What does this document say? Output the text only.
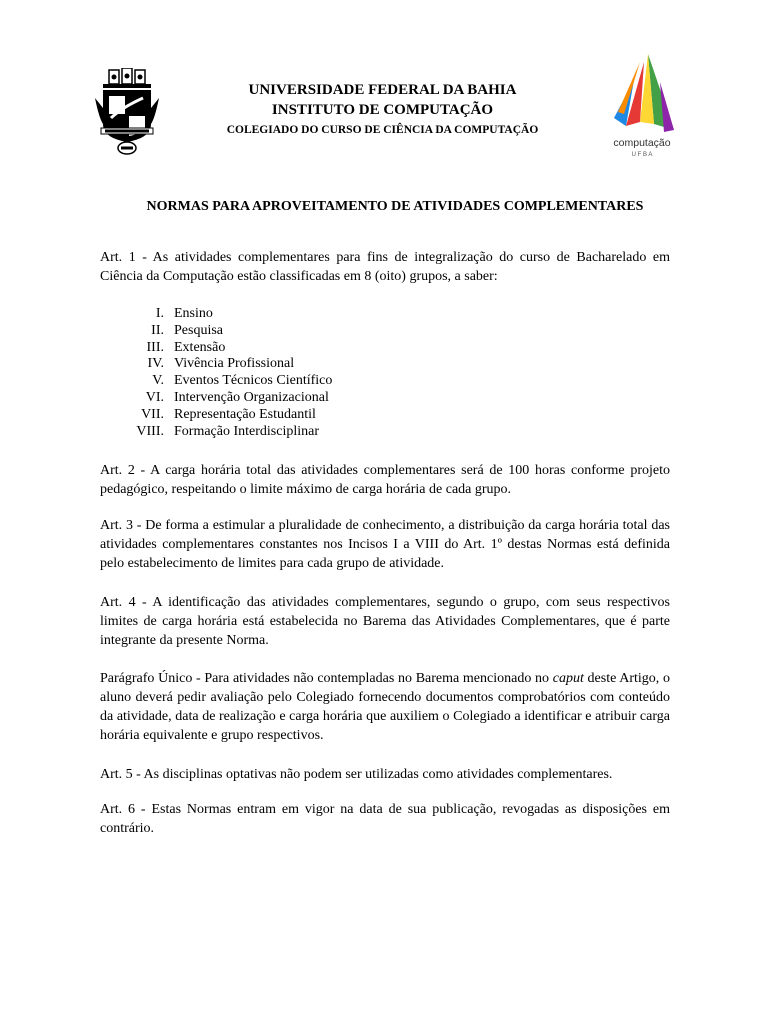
UNIVERSIDADE FEDERAL DA BAHIA
INSTITUTO DE COMPUTAÇÃO
COLEGIADO DO CURSO DE CIÊNCIA DA COMPUTAÇÃO
computação
U F B A
NORMAS PARA APROVEITAMENTO DE ATIVIDADES COMPLEMENTARES

Art. 1 - As atividades complementares para fins de integralização do curso de Bacharelado em Ciência da Computação estão classificadas em 8 (oito) grupos, a saber:

I. Ensino
II. Pesquisa
III. Extensão
IV. Vivência Profissional
V. Eventos Técnicos Científico
VI. Intervenção Organizacional
VII. Representação Estudantil
VIII. Formação Interdisciplinar

Art. 2 - A carga horária total das atividades complementares será de 100 horas conforme projeto pedagógico, respeitando o limite máximo de carga horária de cada grupo.

Art. 3 - De forma a estimular a pluralidade de conhecimento, a distribuição da carga horária total das atividades complementares constantes nos Incisos I a VIII do Art. 1º destas Normas está definida pelo estabelecimento de limites para cada grupo de atividade.

Art. 4 - A identificação das atividades complementares, segundo o grupo, com seus respectivos limites de carga horária está estabelecida no Barema das Atividades Complementares, que é parte integrante da presente Norma.

Parágrafo Único - Para atividades não contempladas no Barema mencionado no caput deste Artigo, o aluno deverá pedir avaliação pelo Colegiado fornecendo documentos comprobatórios com conteúdo da atividade, data de realização e carga horária que auxiliem o Colegiado a identificar e atribuir carga horária equivalente e grupo respectivos.

Art. 5 - As disciplinas optativas não podem ser utilizadas como atividades complementares.

Art. 6 - Estas Normas entram em vigor na data de sua publicação, revogadas as disposições em contrário.
